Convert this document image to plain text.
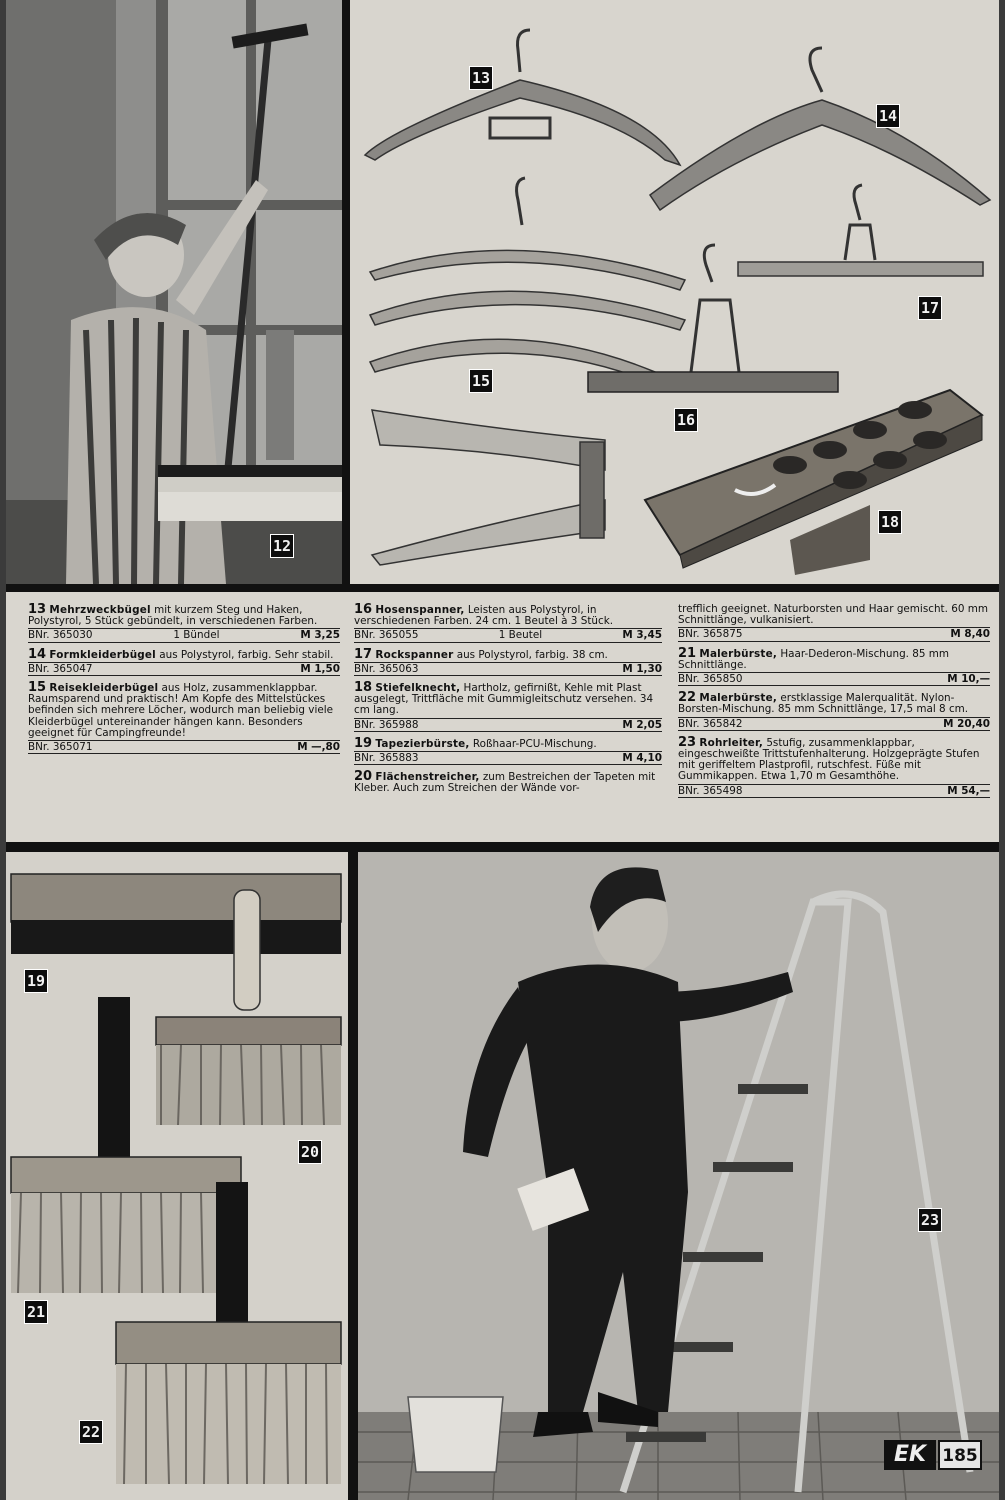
12
13
14
15
16
17
18
19
20
21
22
23
13 Mehrzweckbügel mit kurzem Steg und Haken, Polystyrol, 5 Stück gebündelt, in verschiedenen Farben.
BNr. 365030	1 Bündel	M 3,25
14 Formkleiderbügel aus Polystyrol, farbig. Sehr stabil.
BNr. 365047	M 1,50
15 Reisekleiderbügel aus Holz, zusammenklappbar. Raumsparend und praktisch! Am Kopfe des Mittelstückes befinden sich mehrere Löcher, wodurch man beliebig viele Kleiderbügel untereinander hängen kann. Besonders geeignet für Campingfreunde!
BNr. 365071	M —,80
16 Hosenspanner, Leisten aus Polystyrol, in verschiedenen Farben. 24 cm. 1 Beutel à 3 Stück.
BNr. 365055	1 Beutel	M 3,45
17 Rockspanner aus Polystyrol, farbig. 38 cm.
BNr. 365063	M 1,30
18 Stiefelknecht, Hartholz, gefirnißt, Kehle mit Plast ausgelegt, Trittfläche mit Gummigleitschutz versehen. 34 cm lang.
BNr. 365988	M 2,05
19 Tapezierbürste, Roßhaar-PCU-Mischung.
BNr. 365883	M 4,10
20 Flächenstreicher, zum Bestreichen der Tapeten mit Kleber. Auch zum Streichen der Wände vor-
trefflich geeignet. Naturborsten und Haar gemischt. 60 mm Schnittlänge, vulkanisiert.
BNr. 365875	M 8,40
21 Malerbürste, Haar-Dederon-Mischung. 85 mm Schnittlänge.
BNr. 365850	M 10,—
22 Malerbürste, erstklassige Malerqualität. Nylon-Borsten-Mischung. 85 mm Schnittlänge, 17,5 mal 8 cm.
BNr. 365842	M 20,40
23 Rohrleiter, 5stufig, zusammenklappbar, eingeschweißte Trittstufenhalterung. Holzgeprägte Stufen mit geriffeltem Plastprofil, rutschfest. Füße mit Gummikappen. Etwa 1,70 m Gesamthöhe.
BNr. 365498	M 54,—
EK 185
